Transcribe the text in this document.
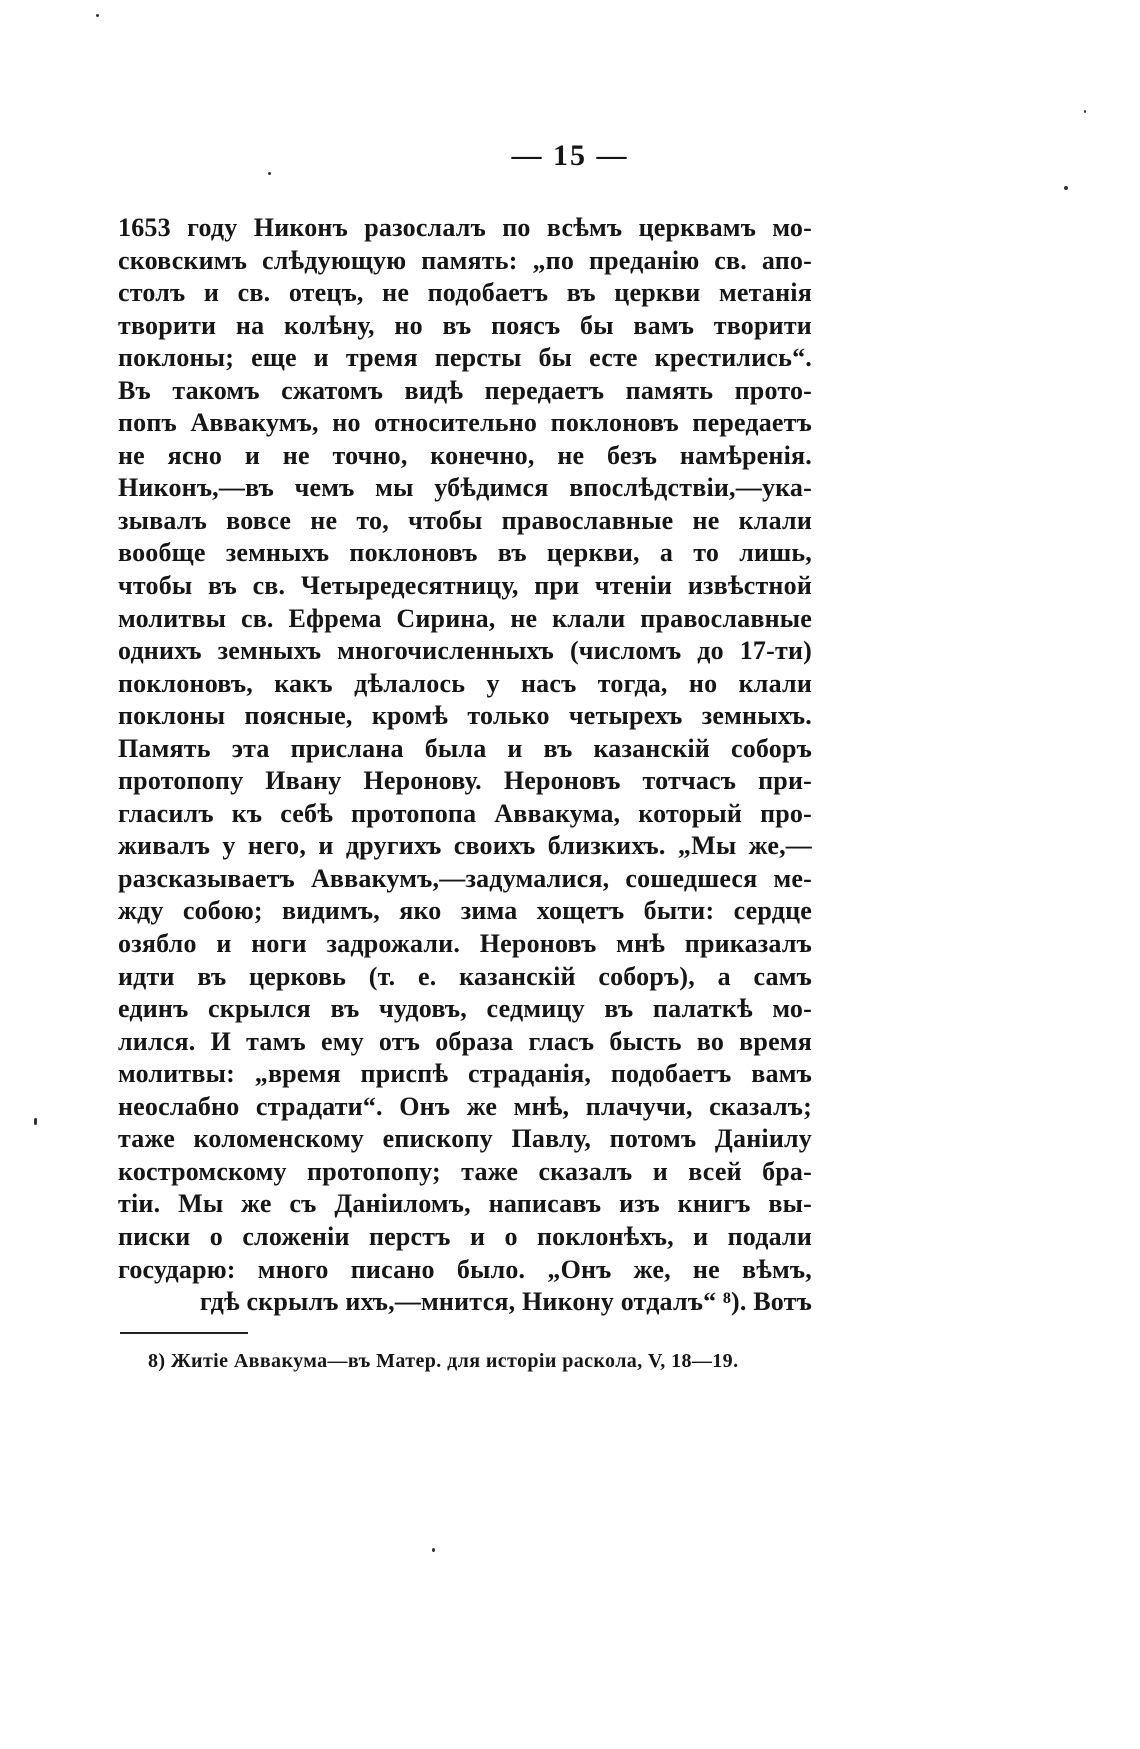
— 15 —
1653 году Никонъ разослалъ по всѣмъ церквамъ мо-
сковскимъ слѣдующую память: „по преданію св. апо-
столъ и св. отецъ, не подобаетъ въ церкви метанія
творити на колѣну, но въ поясъ бы вамъ творити
поклоны; еще и тремя персты бы есте крестились“.
Въ такомъ сжатомъ видѣ передаетъ память прото-
попъ Аввакумъ, но относительно поклоновъ передаетъ
не ясно и не точно, конечно, не безъ намѣренія.
Никонъ,—въ чемъ мы убѣдимся впослѣдствіи,—ука-
зывалъ вовсе не то, чтобы православные не клали
вообще земныхъ поклоновъ въ церкви, а то лишь,
чтобы въ св. Четыредесятницу, при чтеніи извѣстной
молитвы св. Ефрема Сирина, не клали православные
однихъ земныхъ многочисленныхъ (числомъ до 17-ти)
поклоновъ, какъ дѣлалось у насъ тогда, но клали
поклоны поясные, кромѣ только четырехъ земныхъ.
Память эта прислана была и въ казанскій соборъ
протопопу Ивану Неронову. Нероновъ тотчасъ при-
гласилъ къ себѣ протопопа Аввакума, который про-
живалъ у него, и другихъ своихъ близкихъ. „Мы же,—
разсказываетъ Аввакумъ,—задумалися, сошедшеся ме-
жду собою; видимъ, яко зима хощетъ быти: сердце
озябло и ноги задрожали. Нероновъ мнѣ приказалъ
идти въ церковь (т. е. казанскій соборъ), а самъ
единъ скрылся въ чудовъ, седмицу въ палаткѣ мо-
лился. И тамъ ему отъ образа гласъ бысть во время
молитвы: „время приспѣ страданія, подобаетъ вамъ
неослабно страдати“. Онъ же мнѣ, плачучи, сказалъ;
таже коломенскому епископу Павлу, потомъ Даніилу
костромскому протопопу; таже сказалъ и всей бра-
тіи. Мы же съ Даніиломъ, написавъ изъ книгъ вы-
писки о сложеніи перстъ и о поклонѣхъ, и подали
государю: много писано было. „Онъ же, не вѣмъ,
гдѣ скрылъ ихъ,—мнится, Никону отдалъ“ ⁸). Вотъ
8) Житіе Аввакума—въ Матер. для исторіи раскола, V, 18—19.
